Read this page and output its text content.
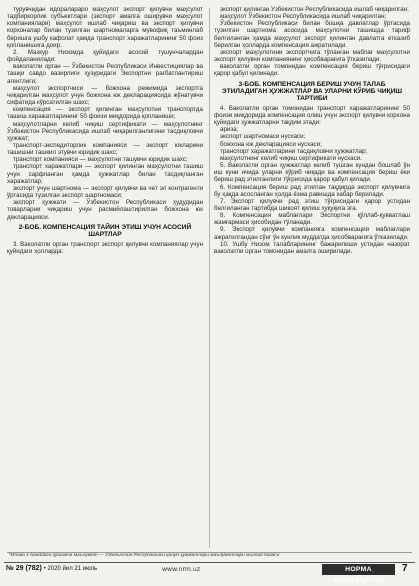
турувчидан идоралараро маҳсулот экспорт қилувчи маҳсулот тадбиркорлик субъектлари (экспорт амалга оширувчи маҳсулот компаниялари) маҳсулот ишлаб чиқариш ва экспорт қилувчи корхоналар билан тузилган шартномаларга мувофиқ таъминлаб беришга ушбу кафолат ҳамда транспорт харажатларининг 50 фоиз қопланишига доир.

2. Мазкур Низомда қуйидаги асосий тушунчалардан фойдаланилади:

ваколатли орган — Ўзбекистон Республикаси Инвестициялар ва ташқи савдо вазирлиги ҳузуридаги Экспортни рағбатлантириш агентлиги;

маҳсулот экспортчиси — божхона режимида экспортга чиқарилган маҳсулот учун божхона юк декларациясида жўнатувчи сифатида кўрсатилган шахс;

компенсация — экспорт қилинган маҳсулотни транспортда ташиш харажатларининг 50 фоизи миқдорида қопланиши;

маҳсулотларни келиб чиқиш сертификати — маҳсулотнинг Ўзбекистон Республикасида ишлаб чиқарилганлигини тасдиқловчи ҳужжат;

транспорт-экспедиторлик компанияси — экспорт юкларини ташишни ташкил этувчи юридик шахс;

транспорт компанияси — маҳсулотни ташувчи юридик шахс;

транспорт харажатлари — экспорт қилинган маҳсулотни ташиш учун сарфланган ҳамда ҳужжатлар билан тасдиқланган харажатлар;

экспорт учун шартнома — экспорт қилувчи ва чет эл контрагенти ўртасида тузилган экспорт шартномаси;

экспорт ҳужжати — Ўзбекистон Республикаси ҳудудидан товарларни чиқариш учун расмийлаштирилган божхона юк декларацияси.

2-БОБ. КОМПЕНСАЦИЯ ТАЙИН ЭТИШ УЧУН АСОСИЙ ШАРТЛАР

3. Ваколатли орган транспорт экспорт қилувчи компаниялар учун қуйидаги ҳолларда:

экспорт қилинган Ўзбекистон Республикасида ишлаб чиқарилган;

маҳсулот Ўзбекистон Республикасида ишлаб чиқарилган;

Ўзбекистон Республикаси билан бошқа давлатлар ўртасида тузилган шартнома асосида маҳсулотни ташишда тариф белгиланган ҳамда маҳсулот экспорт қилинган давлатга етказиб берилган ҳолларда компенсация ажратилади.

экспорт маҳсулотини экспортчига тўланган маблағ маҳсулотни экспорт қилувчи компаниянинг ҳисобварағига ўтказилади.

ваколатли орган томонидан компенсация бериш тўғрисидаги қарор қабул қилинади.

3-БОБ. КОМПЕНСАЦИЯ БЕРИШ УЧУН ТАЛАБ ЭТИЛАДИГАН ҲУЖЖАТЛАР ВА УЛАРНИ КЎРИБ ЧИҚИШ ТАРТИБИ

4. Ваколатли орган томонидан транспорт харажатларининг 50 фоизи миқдорида компенсация олиш учун экспорт қилувчи корхона қуйидаги ҳужжатларни тақдим этади:

ариза;

экспорт шартномаси нусхаси;

божхона юк декларацияси нусхаси;

транспорт харажатларини тасдиқловчи ҳужжатлар;

маҳсулотнинг келиб чиқиш сертификати нусхаси.

5. Ваколатли орган ҳужжатлар келиб тушган кундан бошлаб ўн иш куни ичида уларни кўриб чиқади ва компенсация бериш ёки бериш рад этилганлиги тўғрисида қарор қабул қилади.

6. Компенсация бериш рад этилган тақдирда экспорт қилувчига бу ҳақда асосланган ҳолда ёзма равишда хабар берилади.

7. Экспорт қилувчи рад этиш тўғрисидаги қарор устидан белгиланган тартибда шикоят қилиш ҳуқуқига эга.

8. Компенсация маблағлари Экспортни қўллаб-қувватлаш жамғармаси ҳисобидан тўланади.

9. Экспорт қилувчи компанияга компенсация маблағлари ажратилгандан сўнг ўн кунлик муддатда ҳисобварағига ўтказилади.

10. Ушбу Низом талабларининг бажарилиши устидан назорат ваколатли орган томонидан амалга оширилади.

*Илова 1-банддаги қўшимча маълумот — Ўзбекистон Республикаси қонун ҳужжатлари маълумотлари миллий базаси
№ 29 (782) • 2020 йил 21 июль	www.nrm.uz	НОРМА МАСЛАҲАТЧИ
7
